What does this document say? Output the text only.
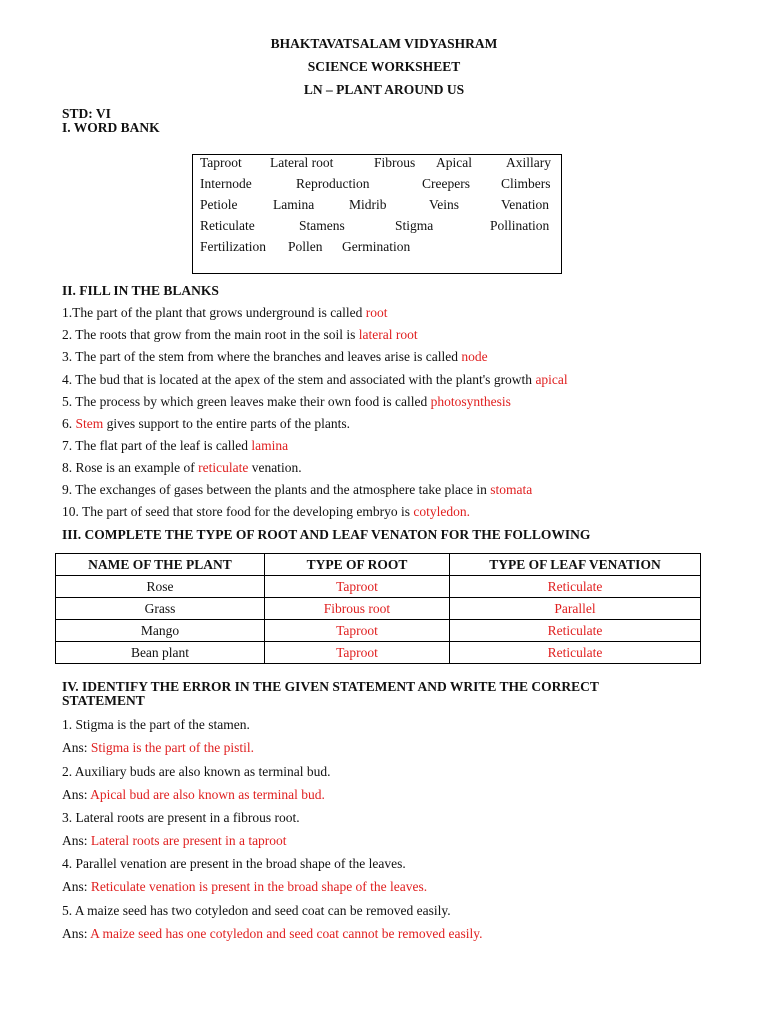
BHAKTAVATSALAM VIDYASHRAM
SCIENCE WORKSHEET
LN – PLANT AROUND US
STD: VI
I. WORD BANK
Taproot Lateral root	Fibrous Apical	Axillary
Internode	Reproduction	Creepers Climbers
Petiole	Lamina	Midrib	Veins	Venation
Reticulate	Stamens	Stigma	Pollination
Fertilization Pollen Germination
II. FILL IN THE BLANKS
1.The part of the plant that grows underground is called root
2. The roots that grow from the main root in the soil is lateral root
3. The part of the stem from where the branches and leaves arise is called node
4. The bud that is located at the apex of the stem and associated with the plant's growth apical
5. The process by which green leaves make their own food is called photosynthesis
6. Stem gives support to the entire parts of the plants.
7. The flat part of the leaf is called lamina
8. Rose is an example of reticulate venation.
9. The exchanges of gases between the plants and the atmosphere take place in stomata
10. The part of seed that store food for the developing embryo is cotyledon.
III. COMPLETE THE TYPE OF ROOT AND LEAF VENATON FOR THE FOLLOWING
NAME OF THE PLANT	TYPE OF ROOT	TYPE OF LEAF VENATION
Rose	Taproot	Reticulate
Grass	Fibrous root	Parallel
Mango	Taproot	Reticulate
Bean plant	Taproot	Reticulate
IV. IDENTIFY THE ERROR IN THE GIVEN STATEMENT AND WRITE THE CORRECT
STATEMENT
1. Stigma is the part of the stamen.
Ans: Stigma is the part of the pistil.
2. Auxiliary buds are also known as terminal bud.
Ans: Apical bud are also known as terminal bud.
3. Lateral roots are present in a fibrous root.
Ans: Lateral roots are present in a taproot
4. Parallel venation are present in the broad shape of the leaves.
Ans: Reticulate venation is present in the broad shape of the leaves.
5. A maize seed has two cotyledon and seed coat can be removed easily.
Ans: A maize seed has one cotyledon and seed coat cannot be removed easily.
